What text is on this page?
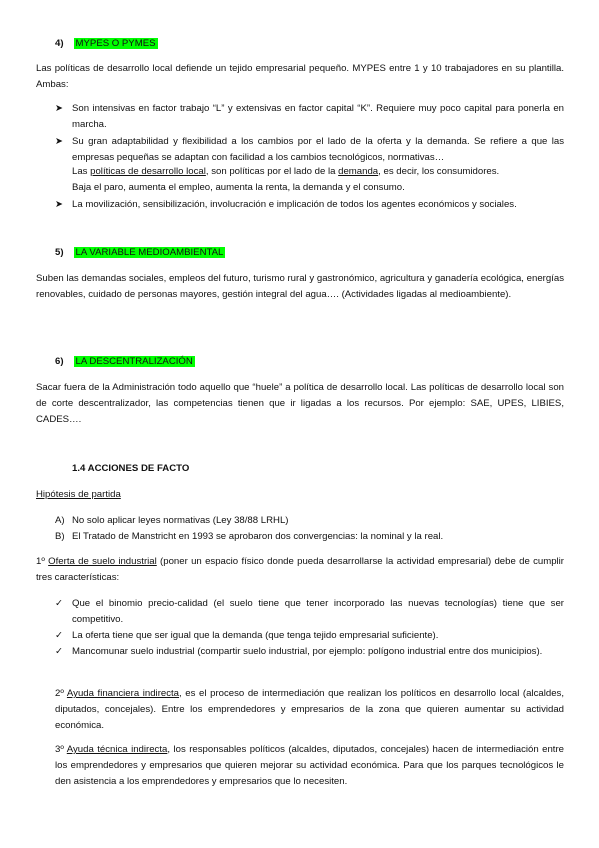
4) MYPES O PYMES

Las políticas de desarrollo local defiende un tejido empresarial pequeño. MYPES entre 1 y 10 trabajadores en su plantilla. Ambas:

➤ Son intensivas en factor trabajo “L” y extensivas en factor capital “K”. Requiere muy poco capital para ponerla en marcha.

➤ Su gran adaptabilidad y flexibilidad a los cambios por el lado de la oferta y la demanda. Se refiere a que las empresas pequeñas se adaptan con facilidad a los cambios tecnológicos, normativas…

Las políticas de desarrollo local, son políticas por el lado de la demanda, es decir, los consumidores.

Baja el paro, aumenta el empleo, aumenta la renta, la demanda y el consumo.

➤ La movilización, sensibilización, involucración e implicación de todos los agentes económicos y sociales.

5) LA VARIABLE MEDIOAMBIENTAL

Suben las demandas sociales, empleos del futuro, turismo rural y gastronómico, agricultura y ganadería ecológica, energías renovables, cuidado de personas mayores, gestión integral del agua…. (Actividades ligadas al medioambiente).

6) LA DESCENTRALIZACIÓN

Sacar fuera de la Administración todo aquello que “huele” a política de desarrollo local. Las políticas de desarrollo local son de corte descentralizador, las competencias tienen que ir ligadas a los recursos. Por ejemplo: SAE, UPES, LIBIES, CADES….

1.4 ACCIONES DE FACTO
Hipótesis de partida
A) No solo aplicar leyes normativas (Ley 38/88 LRHL)

B) El Tratado de Manstricht en 1993 se aprobaron dos convergencias: la nominal y la real.

1º Oferta de suelo industrial (poner un espacio físico donde pueda desarrollarse la actividad empresarial) debe de cumplir tres características:

✓ Que el binomio precio-calidad (el suelo tiene que tener incorporado las nuevas tecnologías) tiene que ser competitivo.

✓ La oferta tiene que ser igual que la demanda (que tenga tejido empresarial suficiente).

✓ Mancomunar suelo industrial (compartir suelo industrial, por ejemplo: polígono industrial entre dos municipios).

2º Ayuda financiera indirecta, es el proceso de intermediación que realizan los políticos en desarrollo local (alcaldes, diputados, concejales). Entre los emprendedores y empresarios de la zona que quieren aumentar su actividad económica.

3º Ayuda técnica indirecta, los responsables políticos (alcaldes, diputados, concejales) hacen de intermediación entre los emprendedores y empresarios que quieren mejorar su actividad económica. Para que los parques tecnológicos le den asistencia a los emprendedores y empresarios que lo necesiten.
